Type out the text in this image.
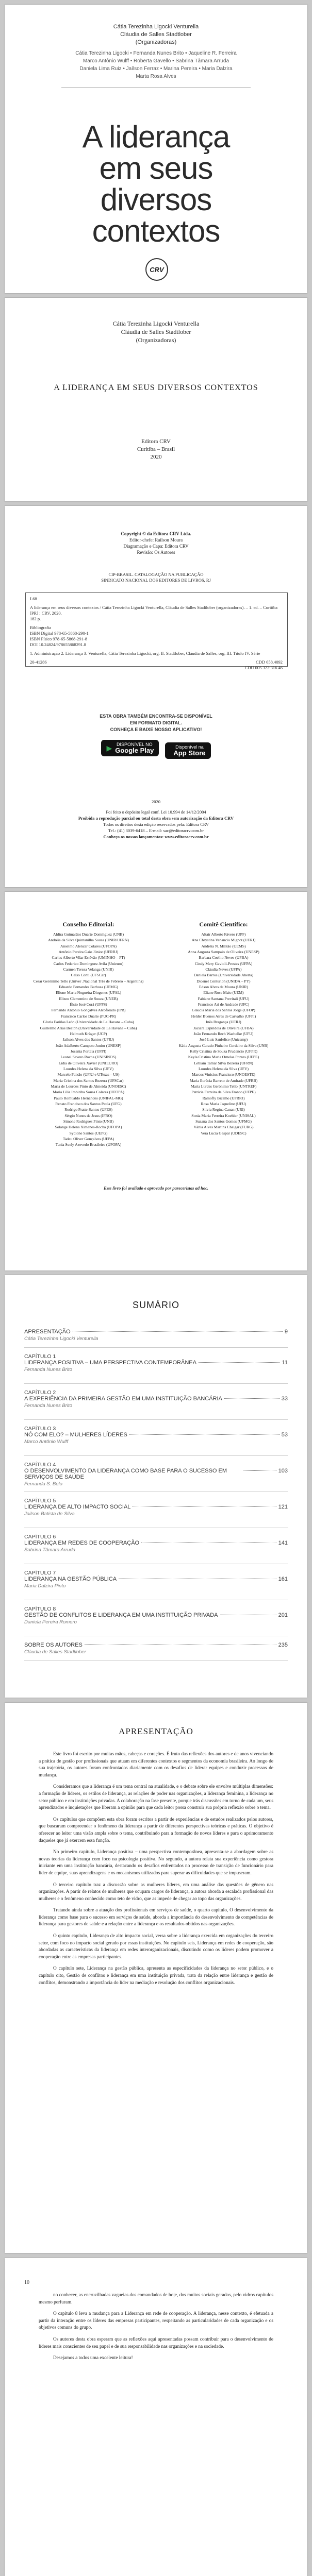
Cátia Terezinha Ligocki Venturella

Cláudia de Salles Stadtlober

(Organizadoras)

Cátia Terezinha Ligocki • Fernanda Nunes Brito • Jaqueline R. Ferreira

Marco Antônio Wulff • Roberta Gavello • Sabrina Tâmara Arruda

Daniela Lima Ruiz • Jaílson Ferraz • Marina Pereira • Maria Dalzira

Marta Rosa Alves

A liderança
em seus
diversos
contextos
CRV

Cátia Terezinha Ligocki Venturella

Cláudia de Salles Stadtlober

(Organizadoras)

A LIDERANÇA EM SEUS DIVERSOS CONTEXTOS

Editora CRV

Curitiba – Brasil

2020

Copyright © da Editora CRV Ltda.

Editor-chefe: Railson Moura

Diagramação e Capa: Editora CRV

Revisão: Os Autores

CIP-BRASIL. CATALOGAÇÃO NA PUBLICAÇÃO

SINDICATO NACIONAL DOS EDITORES DE LIVROS, RJ

L68

A liderança em seus diversos contextos / Cátia Terezinha Ligocki Venturella, Cláudia de Salles Stadtlober (organizadoras). – 1. ed. – Curitiba [PR] : CRV, 2020.

182 p.

Bibliografia

ISBN Digital 978-65-5868-290-1

ISBN Físico 978-65-5868-291-8

DOI 10.24824/978655868291.8

1. Administração 2. Liderança 3. Venturella, Cátia Terezinha Ligocki, org. II. Stadtlober, Cláudia de Salles, org. III. Título IV. Série

20-41286	CDD 658.4092
CDU 005.322:316.46

ESTA OBRA TAMBÉM ENCONTRA-SE DISPONÍVEL

EM FORMATO DIGITAL.

CONHEÇA E BAIXE NOSSO APLICATIVO!

▶ DISPONÍVEL NO
Google Play
	Disponível na
App Store

2020

Foi feito o depósito legal conf. Lei 10.994 de 14/12/2004

Proibida a reprodução parcial ou total desta obra sem autorização da Editora CRV

Todos os direitos desta edição reservados pela: Editora CRV

Tel.: (41) 3039-6418 – E-mail: sac@editoracrv.com.br

Conheça os nossos lançamentos: www.editoracrv.com.br

Conselho Editorial:

Aldira Guimarães Duarte Domínguez (UNB)

Andréia da Silva Quintanilha Sousa (UNIR/UFRN)

Anselmo Alencar Colares (UFOPA)

Antônio Pereira Gaio Júnior (UFRRJ)

Carlos Alberto Vilar Estêvão (UMINHO – PT)

Carlos Federico Dominguez Avila (Unieuro)

Carmen Tereza Velanga (UNIR)

Celso Conti (UFSCar)

Cesar Gerónimo Tello (Univer .Nacional Três de Febrero – Argentina)

Eduardo Fernandes Barbosa (UFMG)

Elione Maria Nogueira Diogenes (UFAL)

Elizeu Clementino de Souza (UNEB)

Élsio José Corá (UFFS)

Fernando Antônio Gonçalves Alcoforado (IPB)

Francisco Carlos Duarte (PUC-PR)

Gloria Fariñas León (Universidade de La Havana – Cuba)

Guillermo Arias Beatón (Universidade de La Havana – Cuba)

Helmuth Krüger (UCP)

Jailson Alves dos Santos (UFRJ)

João Adalberto Campato Junior (UNESP)

Josania Portela (UFPI)

Leonel Severo Rocha (UNISINOS)

Lídia de Oliveira Xavier (UNIEURO)

Lourdes Helena da Silva (UFV)

Marcelo Paixão (UFRJ e UTexas – US)

Maria Cristina dos Santos Bezerra (UFSCar)

Maria de Lourdes Pinto de Almeida (UNOESC)

Maria Lília Imbiriba Sousa Colares (UFOPA)

Paulo Romualdo Hernandes (UNIFAL-MG)

Renato Francisco dos Santos Paula (UFG)

Rodrigo Pratte-Santos (UFES)

Sérgio Nunes de Jesus (IFRO)

Simone Rodrigues Pinto (UNB)

Solange Helena Ximenes-Rocha (UFOPA)

Sydione Santos (UEPG)

Tadeu Oliver Gonçalves (UFPA)

Tania Suely Azevedo Brasileiro (UFOPA)

Comitê Científico:

Altair Alberto Fávero (UPF)

Ana Chrystina Venancio Mignot (UERJ)

Andréia N. Militão (UEMS)

Anna Augusta Sampaio de Oliveira (UNESP)

Barbara Coelho Neves (UFBA)

Cindy Mery Gavioli-Prestes (UFPA)

Cláudia Neves (UFPA)

Daniela Barros (Universidade Aberta)

Diosnel Centurion (UNIDA – PY)

Edson Alves de Moura (UNIR)

Eliane Rose Maio (UEM)

Fabiane Santana Previtali (UFU)

Francisco Ari de Andrade (UFC)

Gláucia Maria dos Santos Jorge (UFOP)

Helder Buenos Aires de Carvalho (UFPI)

Inês Bragança (UERJ)

Jaciara Espíndola de Oliveira (UFBA)

João Fernando Rech Wachelke (UFU)

José Luis Sanfelice (Unicamp)

Kátia Augusta Curado Pinheiro Cordeiro da Silva (UNB)

Kelly Cristina de Souza Prudencio (UFPR)

Keyla Cristina Maria Ornelas Pontes (UFPE)

Lebiam Tamar Silva Bezerra (UFRN)

Lourdes Helena da Silva (UFV)

Marcos Vinicius Francisco (UNOESTE)

Maria Eurácia Barreto de Andrade (UFRB)

Maria Lurdes Gerónimo Tello (UNTREF)

Patrícia Ferreira da Silva Franco (UFPE)

Ramofly Bicalho (UFRRJ)

Rosa Maria Jaqueline (UFU)

Silvia Regina Canan (URI)

Sonia Maria Ferreira Koehler (UNISAL)

Suzana dos Santos Gomes (UFMG)

Vânia Alves Martins Chaigar (FURG)

Vera Lucia Gaspar (UDESC)

Este livro foi avaliado e aprovado por pareceristas ad hoc.
SUMÁRIO
APRESENTAÇÃO	9
Cátia Terezinha Ligocki Venturella
CAPÍTULO 1
LIDERANÇA POSITIVA – UMA PERSPECTIVA CONTEMPORÂNEA	11
Fernanda Nunes Brito
CAPÍTULO 2
A EXPERIÊNCIA DA PRIMEIRA GESTÃO EM UMA INSTITUIÇÃO BANCÁRIA	33
Fernanda Nunes Brito
CAPÍTULO 3
NÓ COM ELO? – MULHERES LÍDERES	53
Marco Antônio Wulff
CAPÍTULO 4
O DESENVOLVIMENTO DA LIDERANÇA COMO BASE PARA O SUCESSO EM SERVIÇOS DE SAÚDE
103
Fernanda S. Belo
CAPÍTULO 5
LIDERANÇA DE ALTO IMPACTO SOCIAL	121
Jailson Batista de Silva
CAPÍTULO 6
LIDERANÇA EM REDES DE COOPERAÇÃO	141
Sabrina Tâmara Arruda
CAPÍTULO 7
LIDERANÇA NA GESTÃO PÚBLICA	161
Maria Dalzira Pinto
CAPÍTULO 8
GESTÃO DE CONFLITOS E LIDERANÇA EM UMA INSTITUIÇÃO PRIVADA	201
Daniela Pereira Romero
SOBRE OS AUTORES	235
Cláudia de Salles Stadtlober
APRESENTAÇÃO

Este livro foi escrito por muitas mãos, cabeças e corações. É fruto das reflexões dos autores e de anos vivenciando a prática de gestão por profissionais que atuam em diferentes contextos e segmentos da economia brasileira. Ao longo de sua trajetória, os autores foram confrontados diariamente com os desafios de liderar equipes e conduzir processos de mudança.

Consideramos que a liderança é um tema central na atualidade, e o debate sobre ele envolve múltiplas dimensões: a formação de líderes, os estilos de liderança, as relações de poder nas organizações, a liderança feminina, a liderança no setor público e em instituições privadas. A colaboração na fase presente, porque trás discussões em torno de cada um, seus aprendizados e inquietações que liberam a opinião para que cada leitor possa construir sua própria reflexão sobre o tema.

Os capítulos que compõem esta obra foram escritos a partir de experiências e de estudos realizados pelos autores, que buscaram compreender o fenômeno da liderança a partir de diferentes perspectivas teóricas e práticas. O objetivo é oferecer ao leitor uma visão ampla sobre o tema, contribuindo para a formação de novos líderes e para o aprimoramento daqueles que já exercem essa função.

No primeiro capítulo, Liderança positiva – uma perspectiva contemporânea, apresenta-se a abordagem sobre as novas teorias da liderança com foco na psicologia positiva. No segundo, a autora relata sua experiência como gestora iniciante em uma instituição bancária, destacando os desafios enfrentados no processo de transição de funcionário para líder de equipe, suas aprendizagens e os mecanismos utilizados para superar as dificuldades que se impuseram.

O terceiro capítulo traz a discussão sobre as mulheres líderes, em uma análise das questões de gênero nas organizações. A partir de relatos de mulheres que ocupam cargos de liderança, a autora aborda a escalada profissional das mulheres e o fenômeno conhecido como teto de vidro, que as impede de chegar ao topo das organizações.

Tratando ainda sobre a atuação dos profissionais em serviços de saúde, o quarto capítulo, O desenvolvimento da liderança como base para o sucesso em serviços de saúde, aborda a importância do desenvolvimento de competências de liderança para gestores de saúde e a relação entre a liderança e os resultados obtidos nas organizações.

O quinto capítulo, Liderança de alto impacto social, versa sobre a liderança exercida em organizações do terceiro setor, com foco no impacto social gerado por essas instituições. No capítulo seis, Liderança em redes de cooperação, são abordadas as características da liderança em redes interorganizacionais, discutindo como os líderes podem promover a cooperação entre as empresas participantes.

O capítulo sete, Liderança na gestão pública, apresenta as especificidades da liderança no setor público, e o capítulo oito, Gestão de conflitos e liderança em uma instituição privada, trata da relação entre liderança e gestão de conflitos, demonstrando a importância do líder na mediação e resolução dos conflitos organizacionais.

10

no conhecer, as encruzilhadas vagueias dos comandados de hoje, dos muitos sociais gerados, pelo vidros capítulos mesmo perfuram.

O capítulo 8 leva a mudança para a Liderança em rede de cooperação. A liderança, nesse contexto, é efetuada a partir da interação entre os líderes das empresas participantes, respeitando as particularidades de cada organização e os objetivos comuns do grupo.

Os autores desta obra esperam que as reflexões aqui apresentadas possam contribuir para o desenvolvimento de líderes mais conscientes de seu papel e de sua responsabilidade nas organizações e na sociedade.

Desejamos a todos uma excelente leitura!
